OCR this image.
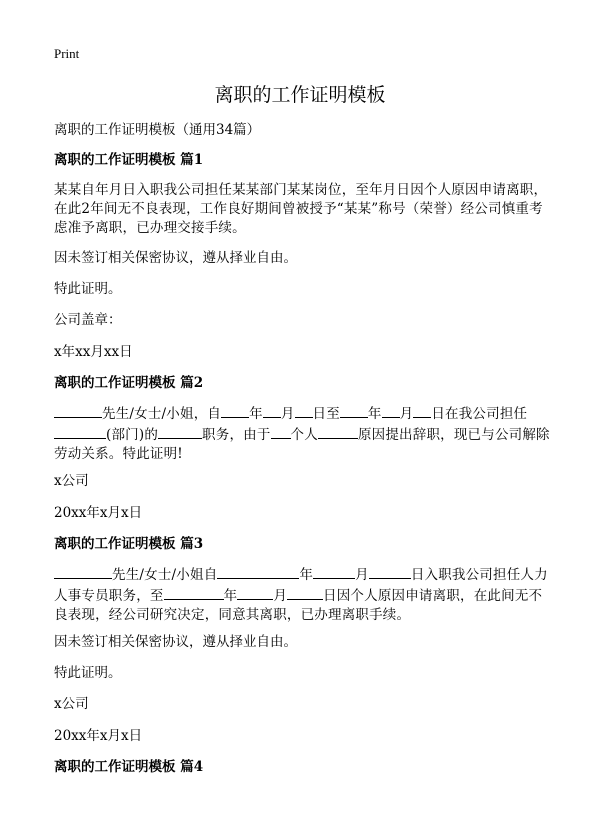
Print
离职的工作证明模板
离职的工作证明模板（通用34篇）
离职的工作证明模板 篇1
某某自年月日入职我公司担任某某部门某某岗位，至年月日因个人原因申请离职，在此2年间无不良表现，工作良好期间曾被授予“某某”称号（荣誉）经公司慎重考虑准予离职，已办理交接手续。
因未签订相关保密协议，遵从择业自由。
特此证明。
公司盖章：
x年xx月xx日
离职的工作证明模板 篇2
先生/女士/小姐，自 年 月 日至 年 月 日在我公司担任
(部门)的	职务，由于 个人	原因提出辞职，现已与公司解除劳动关系。特此证明!
x公司
20xx年x月x日
离职的工作证明模板 篇3
先生/女士/小姐自	年	月	日入职我公司担任人力人事专员职务，至	年	月	日因个人原因申请离职，在此间无不良表现，经公司研究决定，同意其离职，已办理离职手续。
因未签订相关保密协议，遵从择业自由。
特此证明。
x公司
20xx年x月x日
离职的工作证明模板 篇4
